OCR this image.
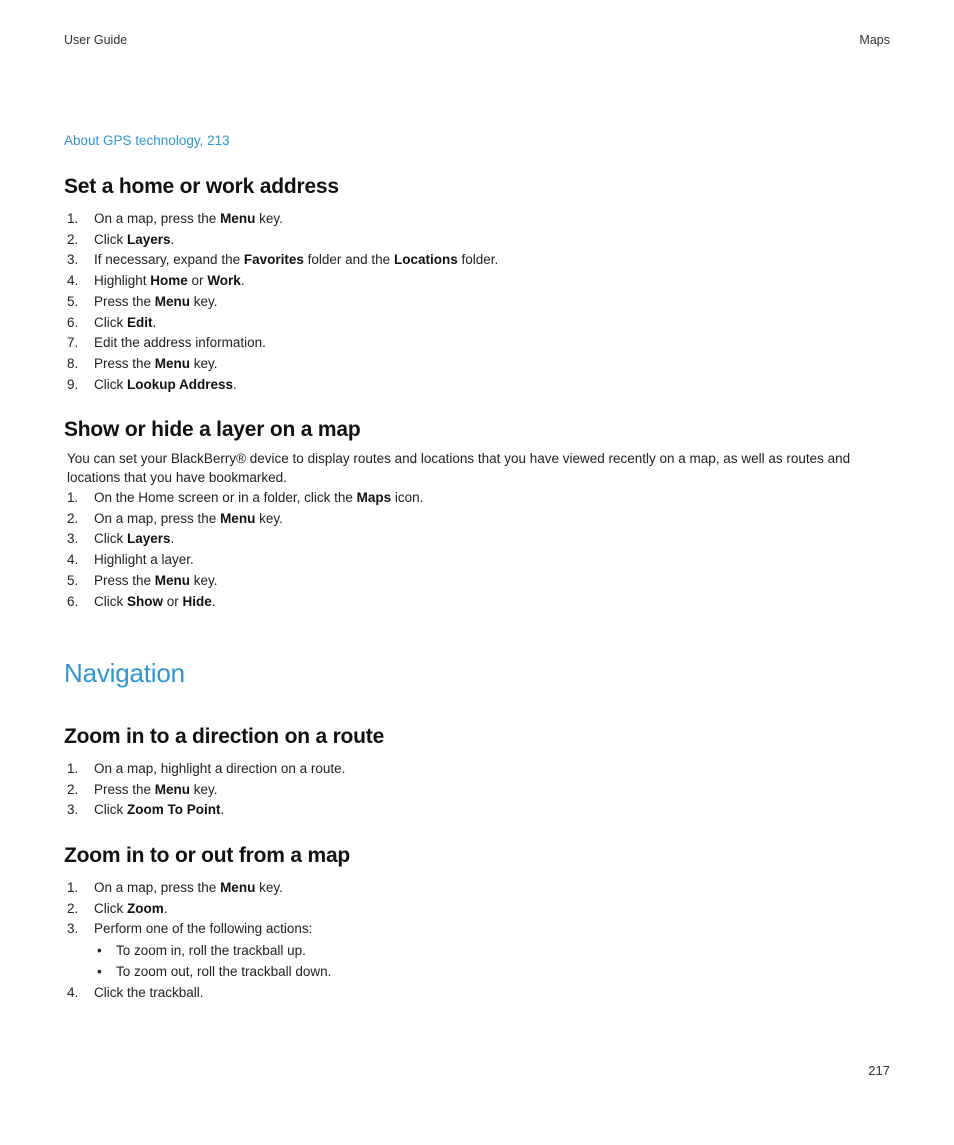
User Guide	Maps
About GPS technology, 213
Set a home or work address
1. On a map, press the Menu key.
2. Click Layers.
3. If necessary, expand the Favorites folder and the Locations folder.
4. Highlight Home or Work.
5. Press the Menu key.
6. Click Edit.
7. Edit the address information.
8. Press the Menu key.
9. Click Lookup Address.
Show or hide a layer on a map

You can set your BlackBerry® device to display routes and locations that you have viewed recently on a map, as well as routes and locations that you have bookmarked.

1. On the Home screen or in a folder, click the Maps icon.
2. On a map, press the Menu key.
3. Click Layers.
4. Highlight a layer.
5. Press the Menu key.
6. Click Show or Hide.
Navigation
Zoom in to a direction on a route
1. On a map, highlight a direction on a route.
2. Press the Menu key.
3. Click Zoom To Point.
Zoom in to or out from a map
1. On a map, press the Menu key.
2. Click Zoom.
3. Perform one of the following actions:
• To zoom in, roll the trackball up.
• To zoom out, roll the trackball down.
4. Click the trackball.
217
